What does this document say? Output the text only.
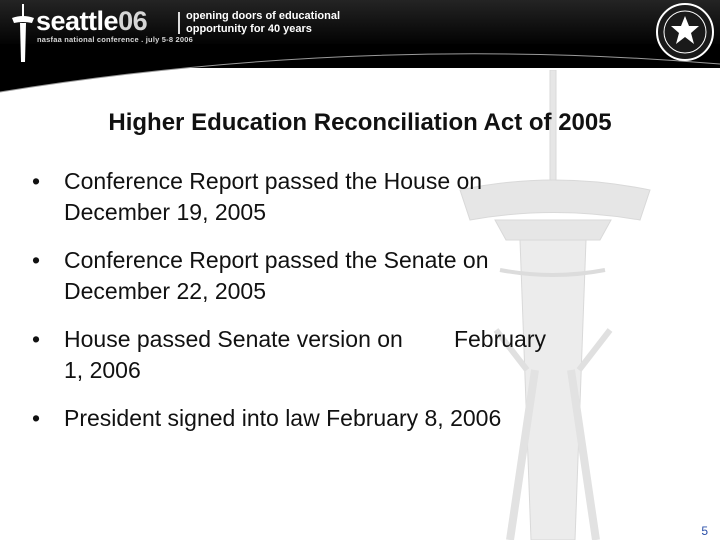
seattle06
nasfaa national conference . july 5-8 2006
opening doors of educational opportunity for 40 years
Higher Education Reconciliation Act of 2005
• Conference Report passed the House on
December 19, 2005
• Conference Report passed the Senate on
December 22, 2005
• House passed Senate version on        February
1, 2006
• President signed into law February 8, 2006
5
